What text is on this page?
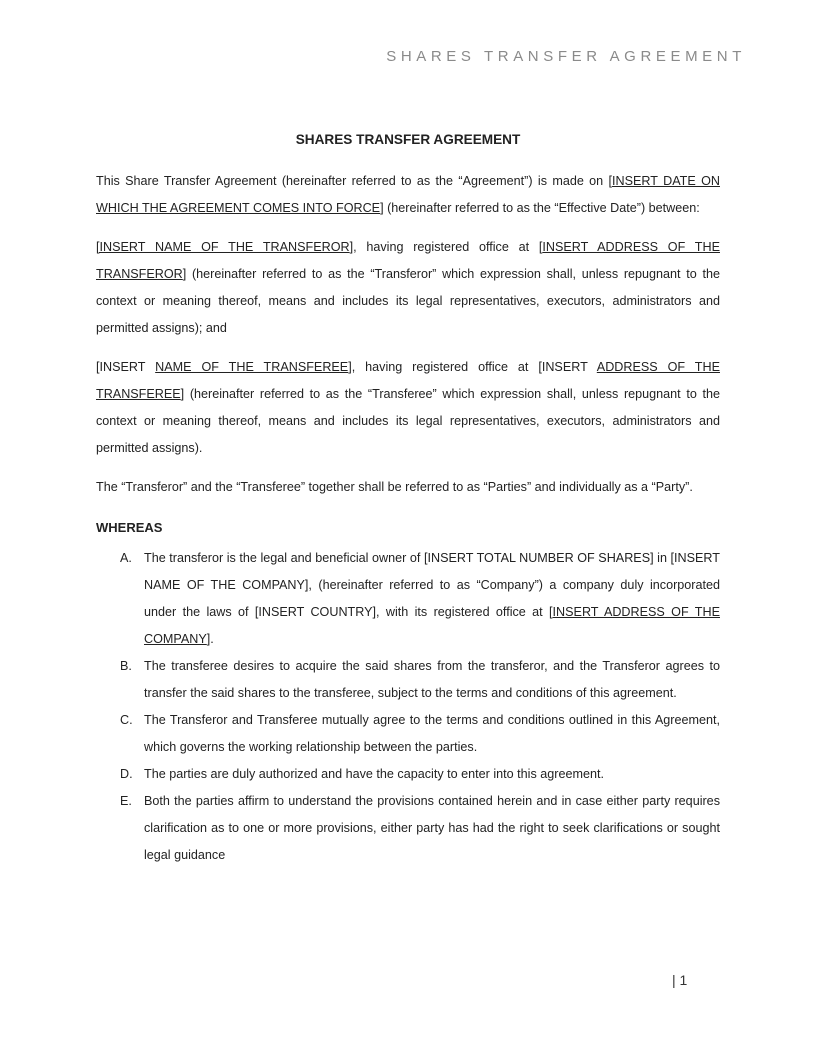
SHARES TRANSFER AGREEMENT
SHARES TRANSFER AGREEMENT

This Share Transfer Agreement (hereinafter referred to as the “Agreement”) is made on [INSERT DATE ON WHICH THE AGREEMENT COMES INTO FORCE] (hereinafter referred to as the “Effective Date”) between:

[INSERT NAME OF THE TRANSFEROR], having registered office at [INSERT ADDRESS OF THE TRANSFEROR] (hereinafter referred to as the “Transferor” which expression shall, unless repugnant to the context or meaning thereof, means and includes its legal representatives, executors, administrators and permitted assigns); and

[INSERT NAME OF THE TRANSFEREE], having registered office at [INSERT ADDRESS OF THE TRANSFEREE] (hereinafter referred to as the “Transferee” which expression shall, unless repugnant to the context or meaning thereof, means and includes its legal representatives, executors, administrators and permitted assigns).

The “Transferor” and the “Transferee” together shall be referred to as “Parties” and individually as a “Party”.

WHEREAS
A. The transferor is the legal and beneficial owner of [INSERT TOTAL NUMBER OF SHARES] in [INSERT NAME OF THE COMPANY], (hereinafter referred to as “Company”) a company duly incorporated under the laws of [INSERT COUNTRY], with its registered office at [INSERT ADDRESS OF THE COMPANY].
B. The transferee desires to acquire the said shares from the transferor, and the Transferor agrees to transfer the said shares to the transferee, subject to the terms and conditions of this agreement.
C. The Transferor and Transferee mutually agree to the terms and conditions outlined in this Agreement, which governs the working relationship between the parties.
D. The parties are duly authorized and have the capacity to enter into this agreement.
E. Both the parties affirm to understand the provisions contained herein and in case either party requires clarification as to one or more provisions, either party has had the right to seek clarifications or sought legal guidance
| 1
